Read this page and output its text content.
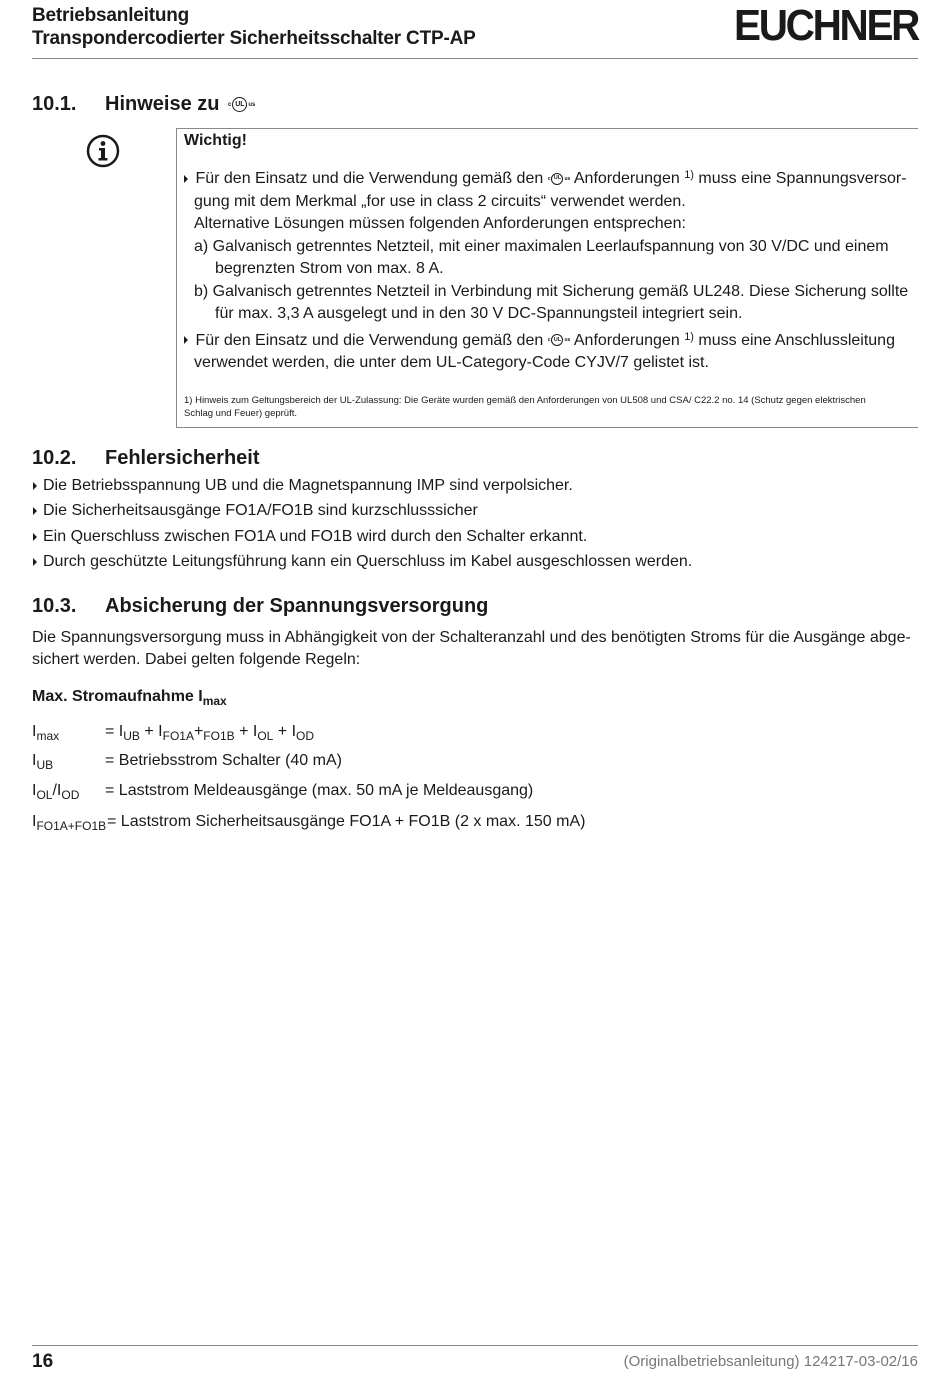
Betriebsanleitung
Transpondercodierter Sicherheitsschalter CTP-AP	EUCHNER
10.1. Hinweise zu c UL us
Wichtig!
Für den Einsatz und die Verwendung gemäß den c UL us Anforderungen $^{1)}$ muss eine Spannungsversor-
gung mit dem Merkmal „for use in class 2 circuits“ verwendet werden.
Alternative Lösungen müssen folgenden Anforderungen entsprechen:
a) Galvanisch getrenntes Netzteil, mit einer maximalen Leerlaufspannung von 30 V/DC und einem
begrenzten Strom von max. 8 A.
b) Galvanisch getrenntes Netzteil in Verbindung mit Sicherung gemäß UL248. Diese Sicherung sollte
für max. 3,3 A ausgelegt und in den 30 V DC-Spannungsteil integriert sein.
Für den Einsatz und die Verwendung gemäß den c UL us Anforderungen $^{1)}$ muss eine Anschlussleitung
verwendet werden, die unter dem UL-Category-Code CYJV/7 gelistet ist.
1) Hinweis zum Geltungsbereich der UL-Zulassung: Die Geräte wurden gemäß den Anforderungen von UL508 und CSA/ C22.2 no. 14 (Schutz gegen elektrischen
Schlag und Feuer) geprüft.
10.2. Fehlersicherheit
Die Betriebsspannung UB und die Magnetspannung IMP sind verpolsicher.
Die Sicherheitsausgänge FO1A/FO1B sind kurzschlusssicher
Ein Querschluss zwischen FO1A und FO1B wird durch den Schalter erkannt.
Durch geschützte Leitungsführung kann ein Querschluss im Kabel ausgeschlossen werden.
10.3. Absicherung der Spannungsversorgung
Die Spannungsversorgung muss in Abhängigkeit von der Schalteranzahl und des benötigten Stroms für die Ausgänge abge-
sichert werden. Dabei gelten folgende Regeln:
Max. Stromaufnahme $I_{max}$
$I_{max}$	= $I_{UB} + I_{FO1A}+_{FO1B} + I_{OL} + I_{OD}$
$I_{UB}$	= Betriebsstrom Schalter (40 mA)
$I_{OL}/I_{OD}$ = Laststrom Meldeausgänge (max. 50 mA je Meldeausgang)
$I_{FO1A+FO1B}$ = Laststrom Sicherheitsausgänge FO1A + FO1B (2 x max. 150 mA)
16	(Originalbetriebsanleitung) 124217-03-02/16
